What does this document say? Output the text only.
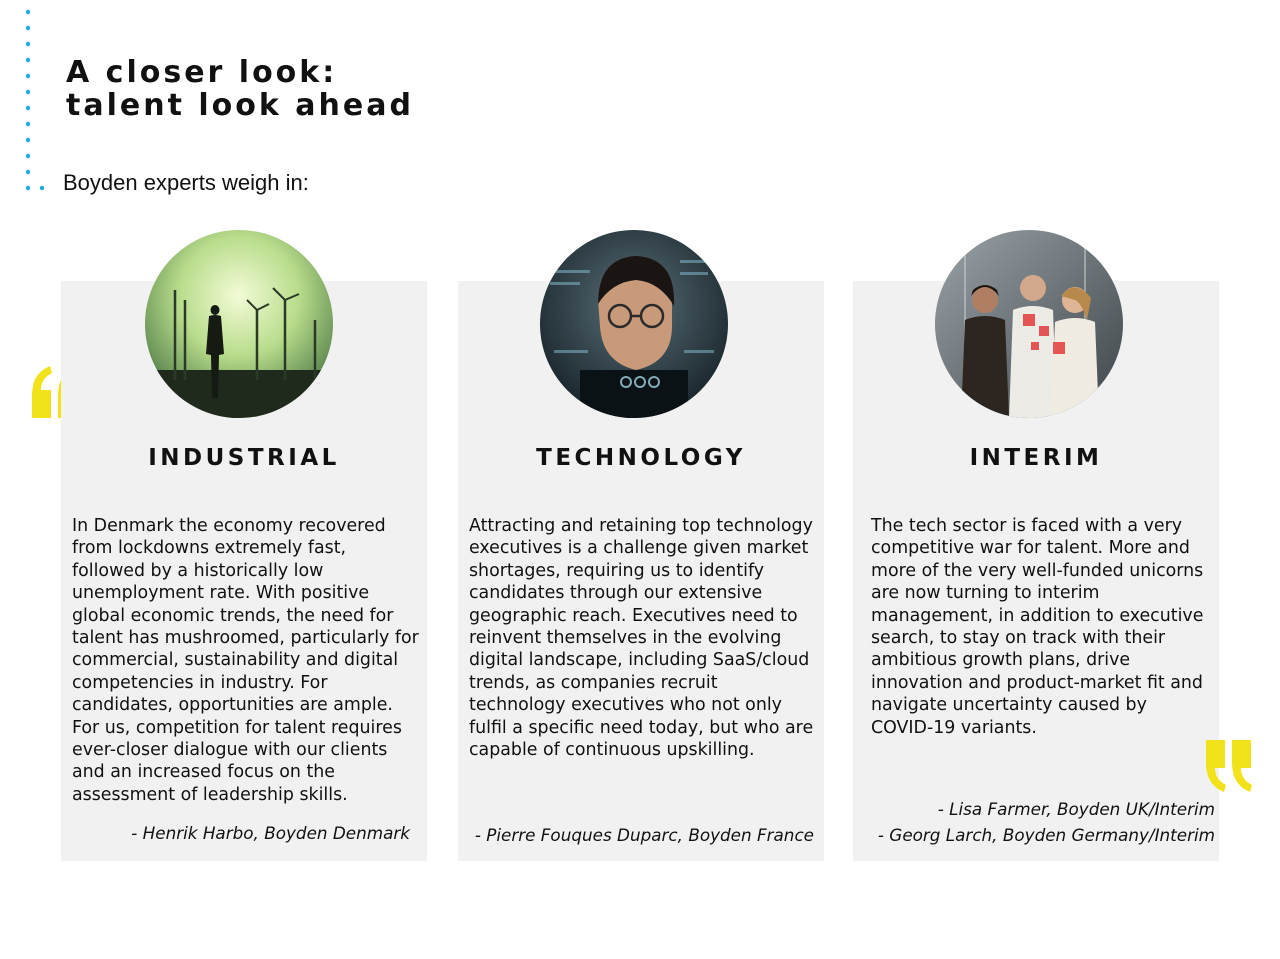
A closer look:
talent look ahead
Boyden experts weigh in:
INDUSTRIAL

In Denmark the economy recovered
from lockdowns extremely fast,
followed by a historically low
unemployment rate. With positive
global economic trends, the need for
talent has mushroomed, particularly for
commercial, sustainability and digital
competencies in industry. For
candidates, opportunities are ample.
For us, competition for talent requires
ever-closer dialogue with our clients
and an increased focus on the
assessment of leadership skills.

- Henrik Harbo, Boyden Denmark

TECHNOLOGY

Attracting and retaining top technology
executives is a challenge given market
shortages, requiring us to identify
candidates through our extensive
geographic reach. Executives need to
reinvent themselves in the evolving
digital landscape, including SaaS/cloud
trends, as companies recruit
technology executives who not only
fulfil a specific need today, but who are
capable of continuous upskilling.

- Pierre Fouques Duparc, Boyden France

INTERIM

The tech sector is faced with a very
competitive war for talent. More and
more of the very well-funded unicorns
are now turning to interim
management, in addition to executive
search, to stay on track with their
ambitious growth plans, drive
innovation and product-market fit and
navigate uncertainty caused by
COVID-19 variants.

- Lisa Farmer, Boyden UK/Interim
- Georg Larch, Boyden Germany/Interim
